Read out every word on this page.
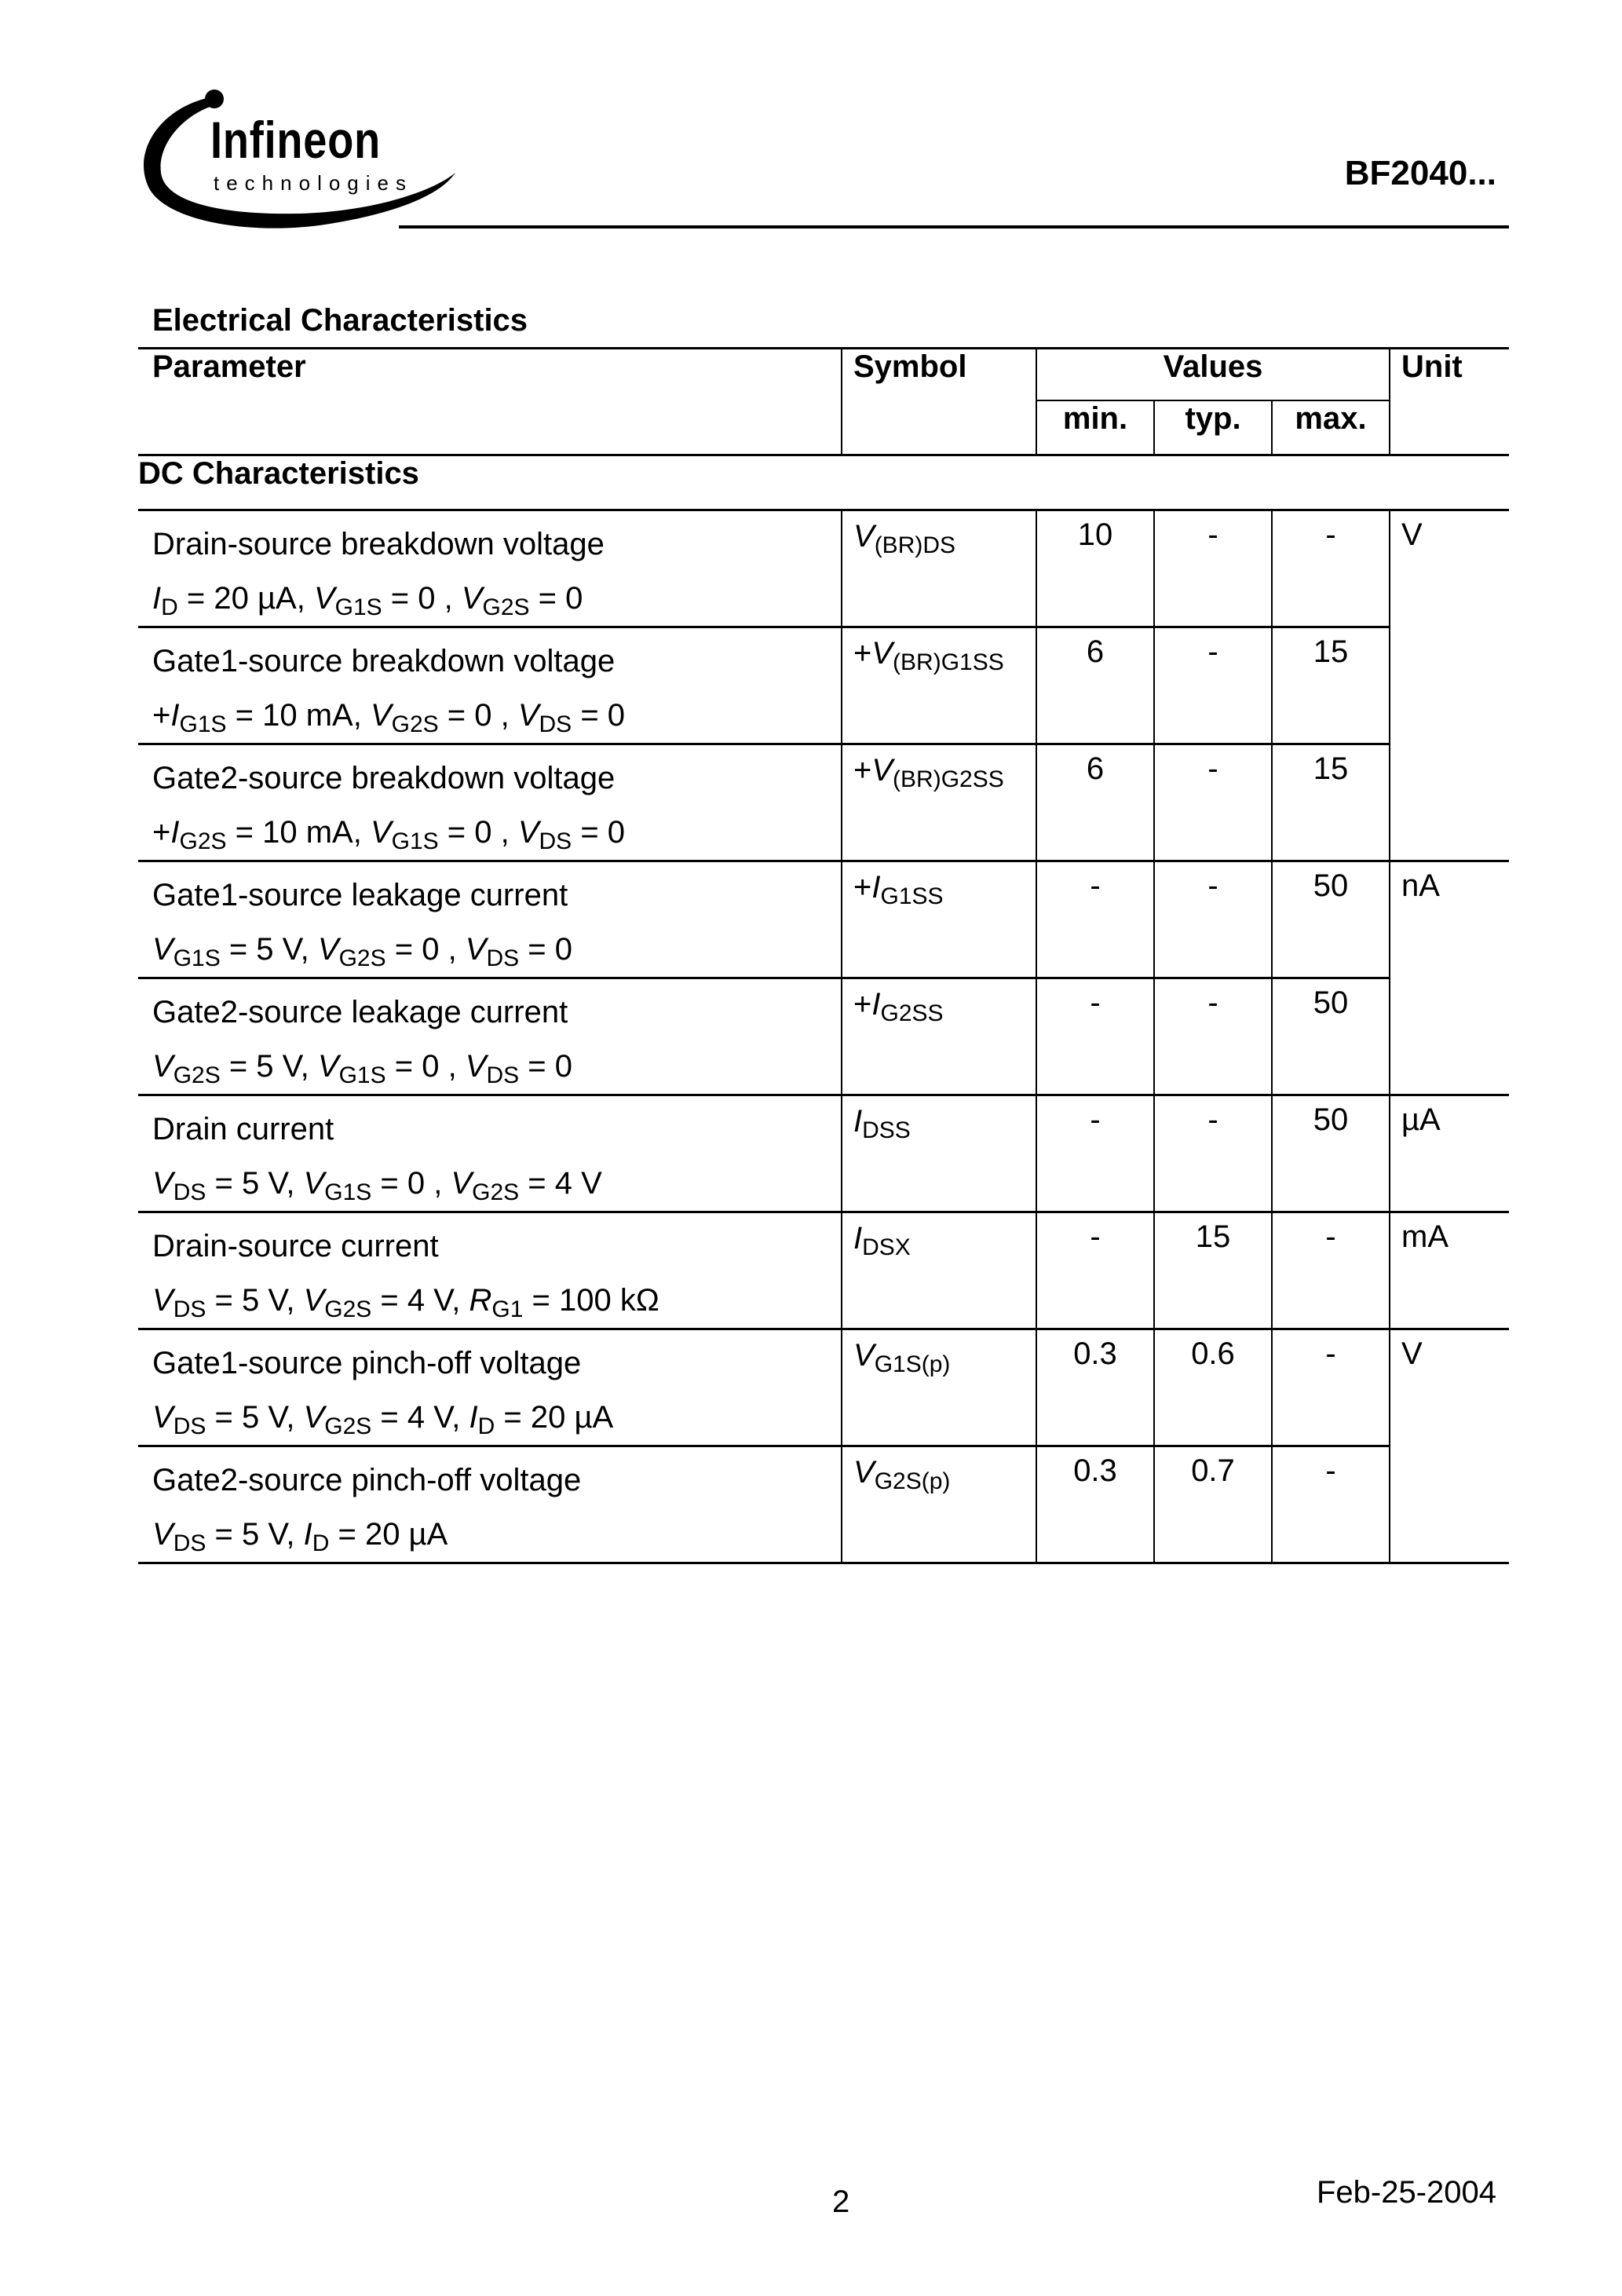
Infineon
technologies	BF2040...
Electrical Characteristics
Parameter	Symbol	Values			Unit
		min.	typ.	max.	
DC Characteristics					

Drain-source breakdown voltage
$I_D = 20$ µA, $V_{G1S} = 0$ , $V_{G2S} = 0$	$V_{(BR)DS}$	10	-	-	V

Gate1-source breakdown voltage
$+I_{G1S} = 10$ mA, $V_{G2S} = 0$ , $V_{DS} = 0$	$+V_{(BR)G1SS}$	6	-	15	

Gate2-source breakdown voltage
$+I_{G2S} = 10$ mA, $V_{G1S} = 0$ , $V_{DS} = 0$	$+V_{(BR)G2SS}$	6	-	15	

Gate1-source leakage current
$V_{G1S} = 5$ V, $V_{G2S} = 0$ , $V_{DS} = 0$	$+I_{G1SS}$	-	-	50	nA

Gate2-source leakage current
$V_{G2S} = 5$ V, $V_{G1S} = 0$ , $V_{DS} = 0$	$+I_{G2SS}$	-	-	50	

Drain current
$V_{DS} = 5$ V, $V_{G1S} = 0$ , $V_{G2S} = 4$ V	$I_{DSS}$	-	-	50	µA

Drain-source current
$V_{DS} = 5$ V, $V_{G2S} = 4$ V, $R_{G1} = 100$ kΩ	$I_{DSX}$	-	15	-	mA

Gate1-source pinch-off voltage
$V_{DS} = 5$ V, $V_{G2S} = 4$ V, $I_D = 20$ µA	$V_{G1S(p)}$	0.3	0.6	-	V

Gate2-source pinch-off voltage
$V_{DS} = 5$ V, $I_D = 20$ µA	$V_{G2S(p)}$	0.3	0.7	-	
2	Feb-25-2004
